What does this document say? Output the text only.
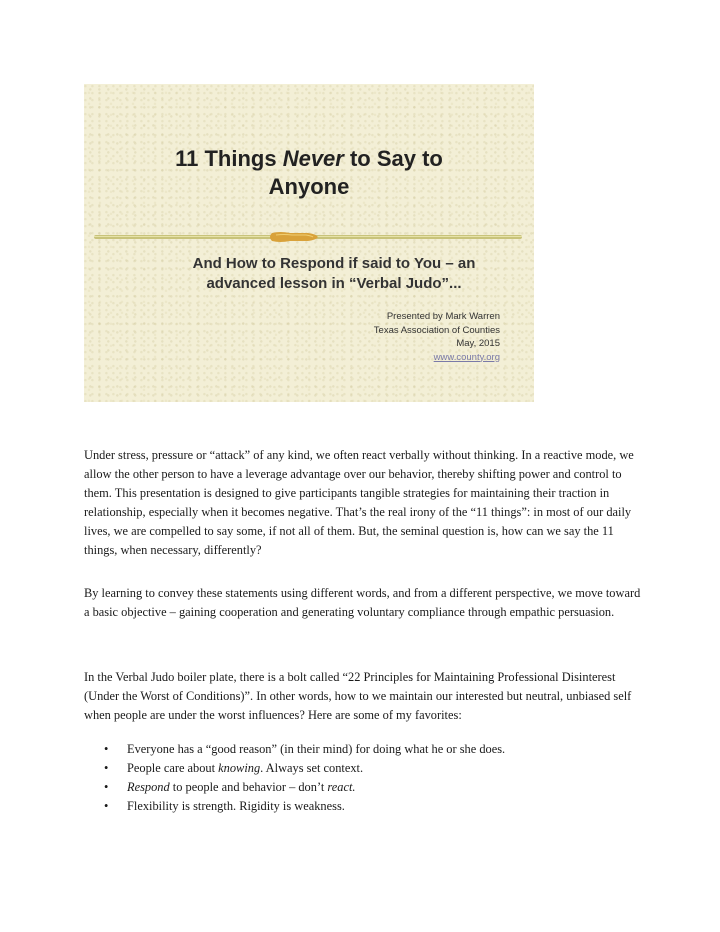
11 Things Never to Say to
Anyone
And How to Respond if said to You – an
advanced lesson in “Verbal Judo”...
Presented by Mark Warren
Texas Association of Counties
May, 2015
www.county.org
Under stress, pressure or “attack” of any kind, we often react verbally without thinking. In a reactive mode, we allow the other person to have a leverage advantage over our behavior, thereby shifting power and control to them. This presentation is designed to give participants tangible strategies for maintaining their traction in relationship, especially when it becomes negative. That’s the real irony of the “11 things”: in most of our daily lives, we are compelled to say some, if not all of them. But, the seminal question is, how can we say the 11 things, when necessary, differently?
By learning to convey these statements using different words, and from a different perspective, we move toward a basic objective – gaining cooperation and generating voluntary compliance through empathic persuasion.
In the Verbal Judo boiler plate, there is a bolt called “22 Principles for Maintaining Professional Disinterest (Under the Worst of Conditions)”. In other words, how to we maintain our interested but neutral, unbiased self when people are under the worst influences? Here are some of my favorites:
• Everyone has a “good reason” (in their mind) for doing what he or she does.
• People care about knowing. Always set context.
• Respond to people and behavior – don’t react.
• Flexibility is strength. Rigidity is weakness.
